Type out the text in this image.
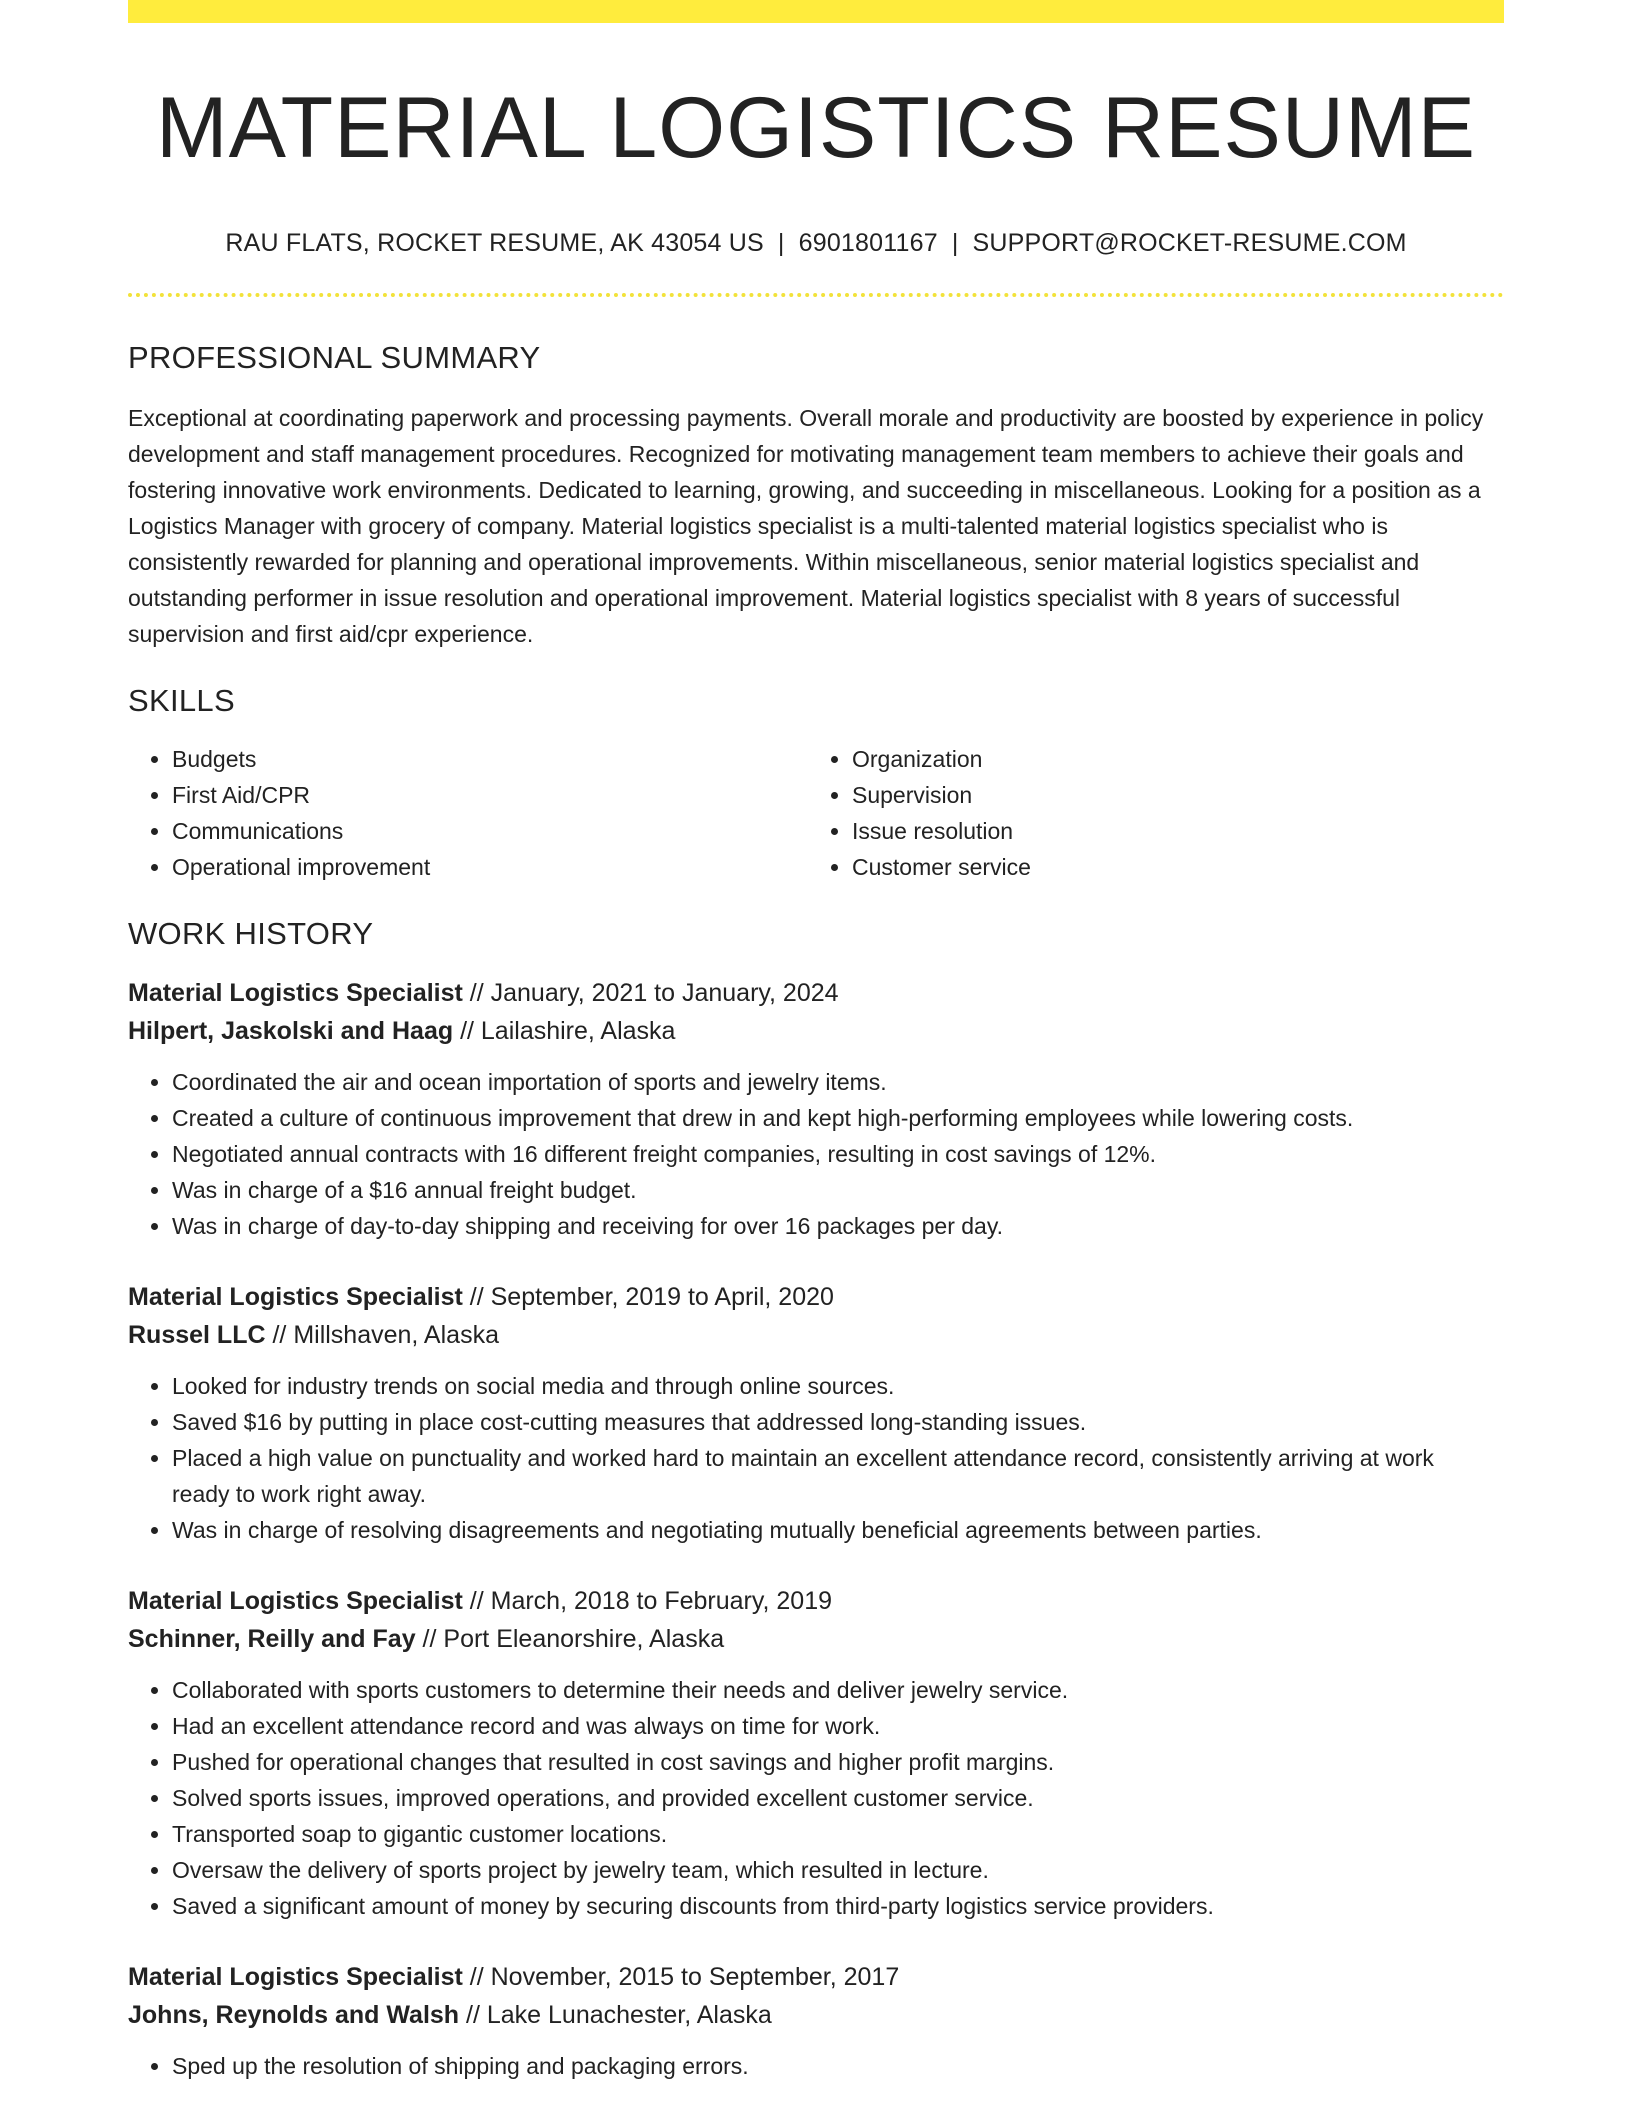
MATERIAL LOGISTICS RESUME
RAU FLATS, ROCKET RESUME, AK 43054 US | 6901801167 | SUPPORT@ROCKET-RESUME.COM
PROFESSIONAL SUMMARY
Exceptional at coordinating paperwork and processing payments. Overall morale and productivity are boosted by experience in policy development and staff management procedures. Recognized for motivating management team members to achieve their goals and fostering innovative work environments. Dedicated to learning, growing, and succeeding in miscellaneous. Looking for a position as a Logistics Manager with grocery of company. Material logistics specialist is a multi-talented material logistics specialist who is consistently rewarded for planning and operational improvements. Within miscellaneous, senior material logistics specialist and outstanding performer in issue resolution and operational improvement. Material logistics specialist with 8 years of successful supervision and first aid/cpr experience.
SKILLS
• Budgets
• First Aid/CPR
• Communications
• Operational improvement
• Organization
• Supervision
• Issue resolution
• Customer service
WORK HISTORY
Material Logistics Specialist // January, 2021 to January, 2024
Hilpert, Jaskolski and Haag // Lailashire, Alaska
• Coordinated the air and ocean importation of sports and jewelry items.
• Created a culture of continuous improvement that drew in and kept high-performing employees while lowering costs.
• Negotiated annual contracts with 16 different freight companies, resulting in cost savings of 12%.
• Was in charge of a $16 annual freight budget.
• Was in charge of day-to-day shipping and receiving for over 16 packages per day.
Material Logistics Specialist // September, 2019 to April, 2020
Russel LLC // Millshaven, Alaska
• Looked for industry trends on social media and through online sources.
• Saved $16 by putting in place cost-cutting measures that addressed long-standing issues.
• Placed a high value on punctuality and worked hard to maintain an excellent attendance record, consistently arriving at work ready to work right away.
• Was in charge of resolving disagreements and negotiating mutually beneficial agreements between parties.
Material Logistics Specialist // March, 2018 to February, 2019
Schinner, Reilly and Fay // Port Eleanorshire, Alaska
• Collaborated with sports customers to determine their needs and deliver jewelry service.
• Had an excellent attendance record and was always on time for work.
• Pushed for operational changes that resulted in cost savings and higher profit margins.
• Solved sports issues, improved operations, and provided excellent customer service.
• Transported soap to gigantic customer locations.
• Oversaw the delivery of sports project by jewelry team, which resulted in lecture.
• Saved a significant amount of money by securing discounts from third-party logistics service providers.
Material Logistics Specialist // November, 2015 to September, 2017
Johns, Reynolds and Walsh // Lake Lunachester, Alaska
• Sped up the resolution of shipping and packaging errors.
